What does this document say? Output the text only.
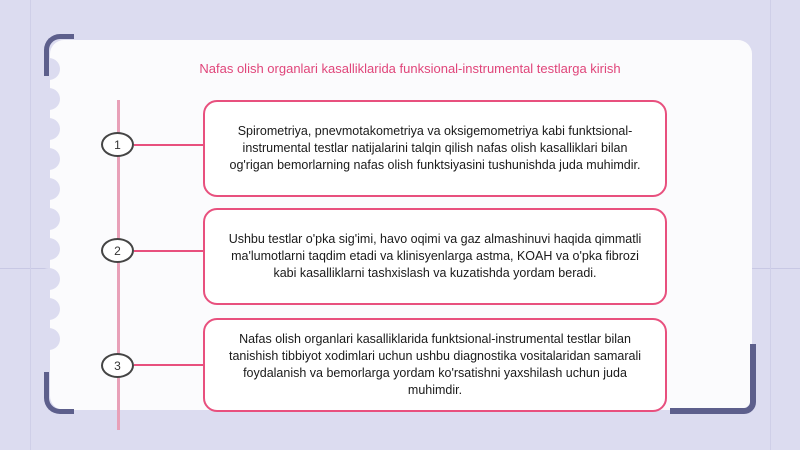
Nafas olish organlari kasalliklarida funksional-instrumental testlarga kirish
1
Spirometriya, pnevmotakometriya va oksigemometriya kabi funktsional-instrumental testlar natijalarini talqin qilish nafas olish kasalliklari bilan og'rigan bemorlarning nafas olish funktsiyasini tushunishda juda muhimdir.
2
Ushbu testlar o'pka sig'imi, havo oqimi va gaz almashinuvi haqida qimmatli ma'lumotlarni taqdim etadi va klinisyenlarga astma, KOAH va o'pka fibrozi kabi kasalliklarni tashxislash va kuzatishda yordam beradi.
3
Nafas olish organlari kasalliklarida funktsional-instrumental testlar bilan tanishish tibbiyot xodimlari uchun ushbu diagnostika vositalaridan samarali foydalanish va bemorlarga yordam ko'rsatishni yaxshilash uchun juda muhimdir.
